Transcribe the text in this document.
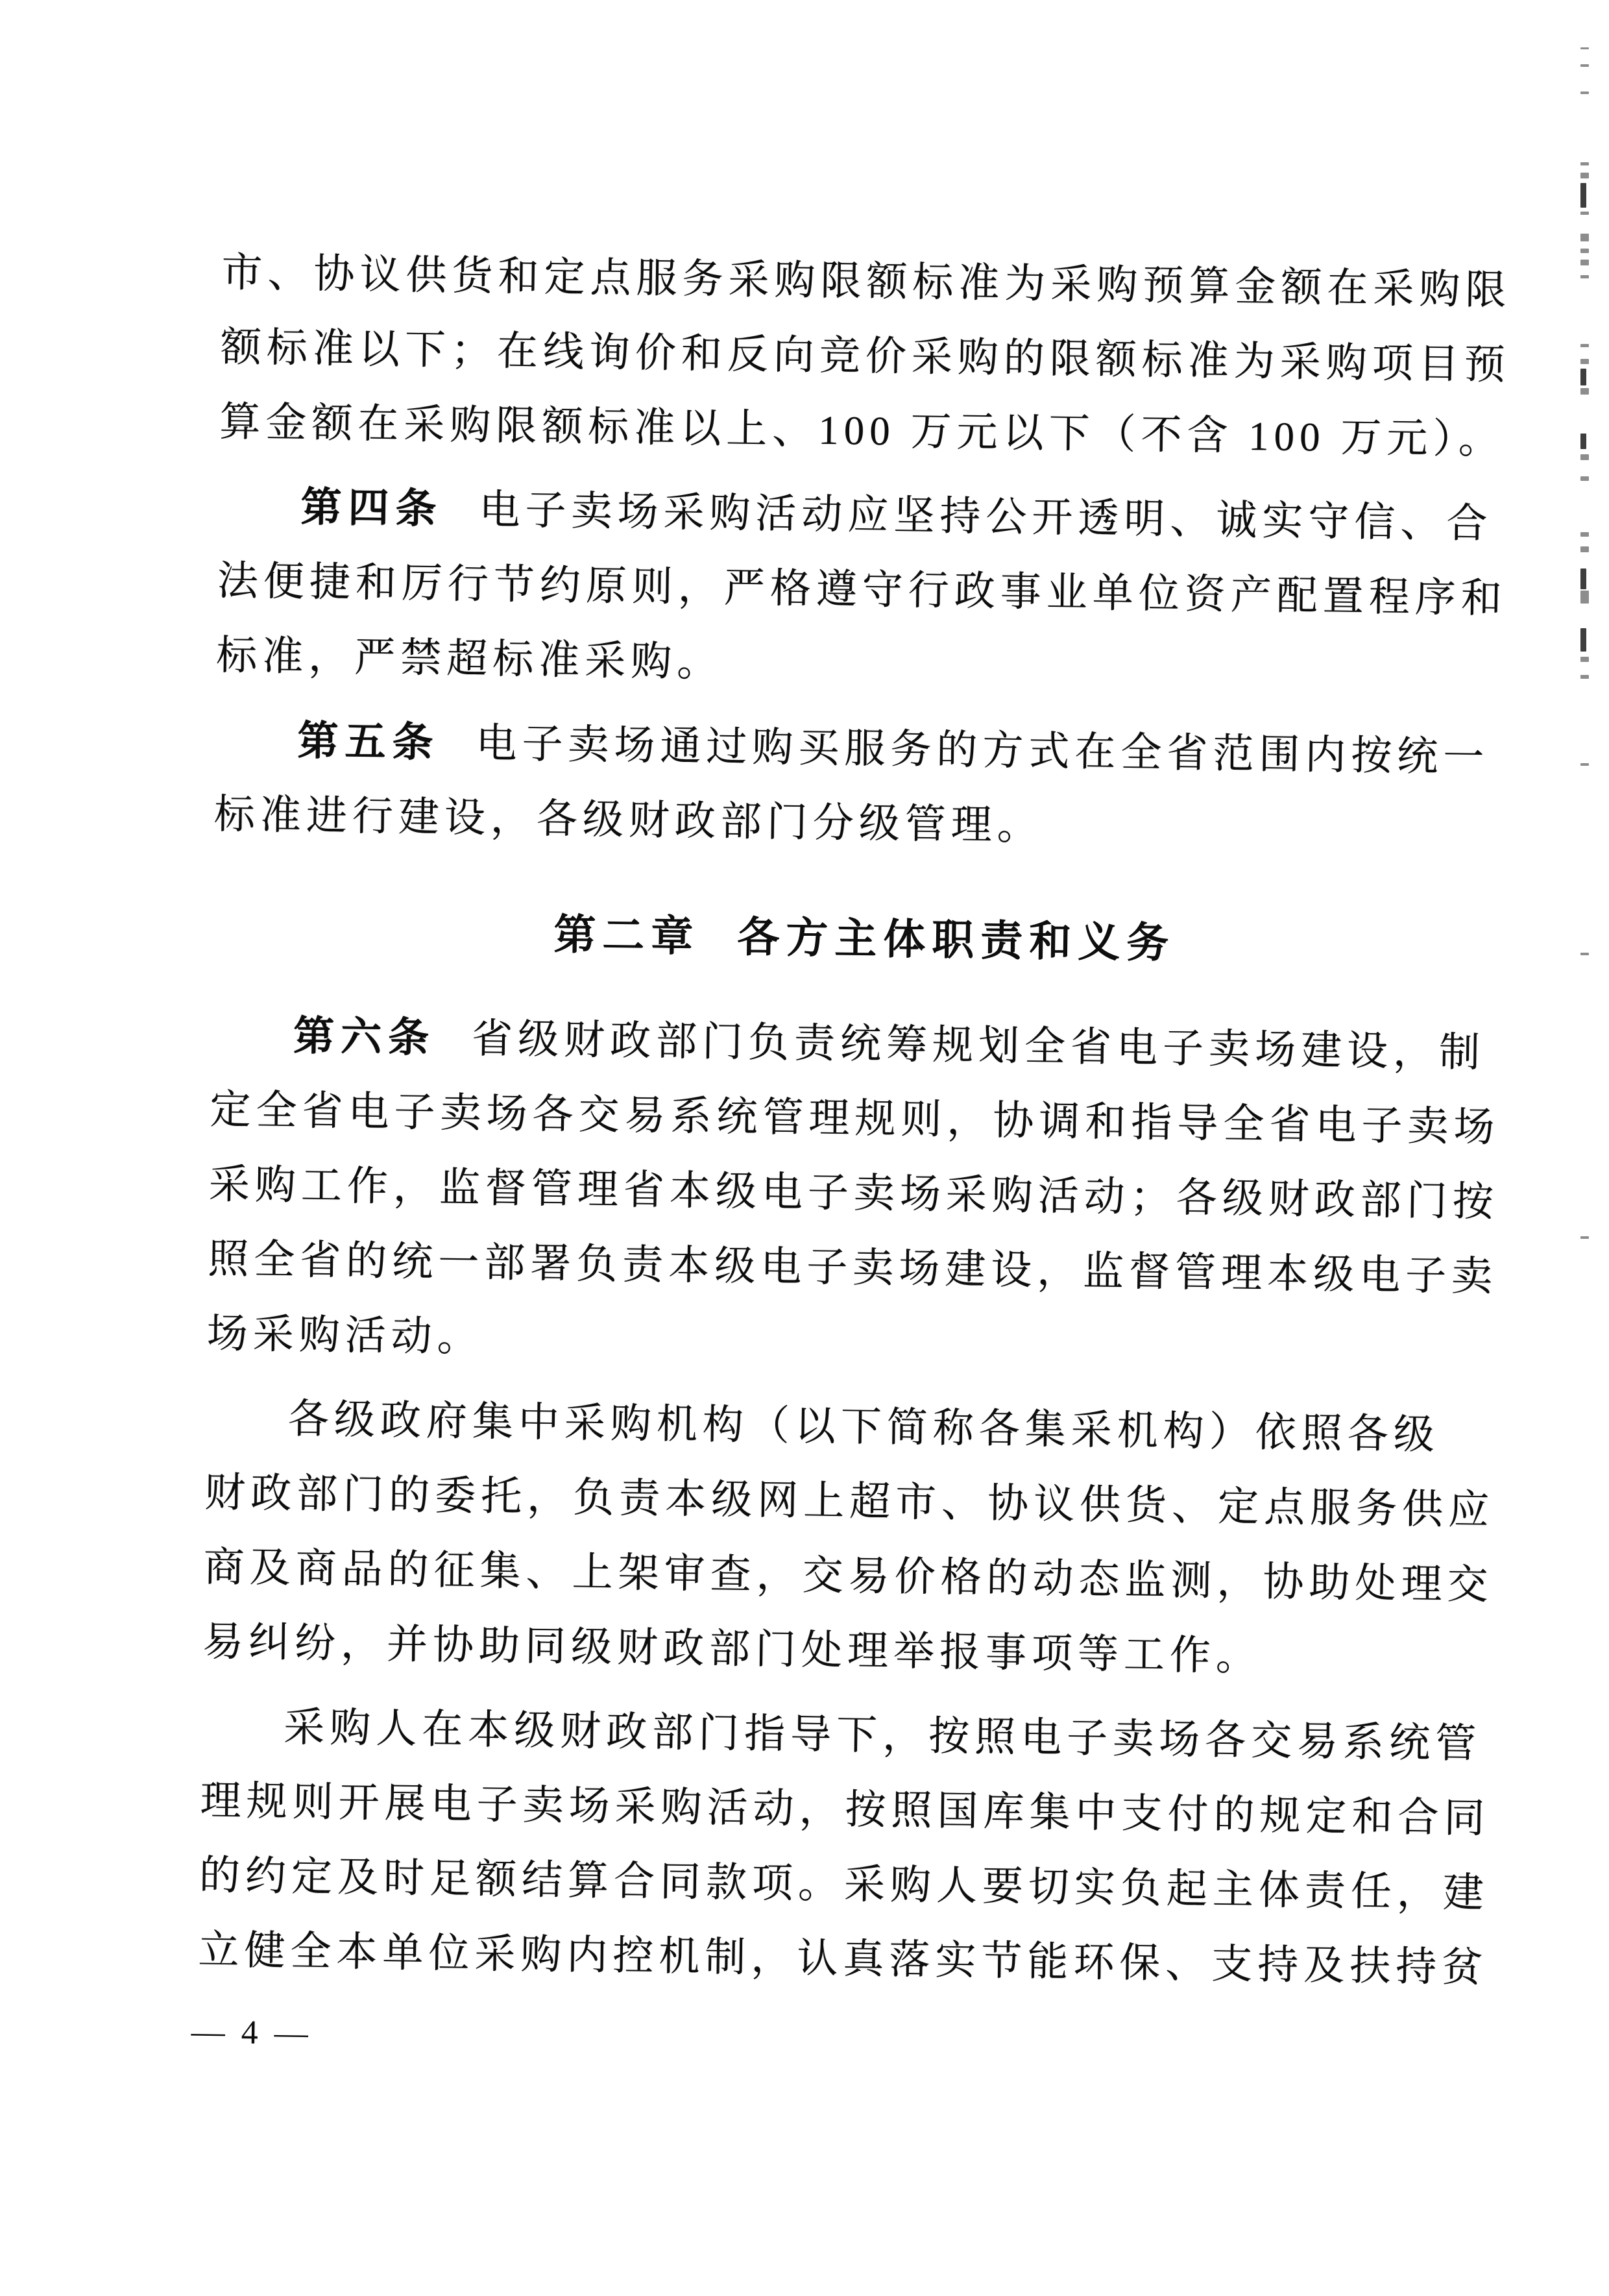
市、协议供货和定点服务采购限额标准为采购预算金额在采购限
额标准以下；在线询价和反向竞价采购的限额标准为采购项目预
算金额在采购限额标准以上、100 万元以下（不含 100 万元）。
第四条 电子卖场采购活动应坚持公开透明、诚实守信、合
法便捷和厉行节约原则，严格遵守行政事业单位资产配置程序和
标准，严禁超标准采购。
第五条 电子卖场通过购买服务的方式在全省范围内按统一
标准进行建设，各级财政部门分级管理。
第二章 各方主体职责和义务
第六条 省级财政部门负责统筹规划全省电子卖场建设，制
定全省电子卖场各交易系统管理规则，协调和指导全省电子卖场
采购工作，监督管理省本级电子卖场采购活动；各级财政部门按
照全省的统一部署负责本级电子卖场建设，监督管理本级电子卖
场采购活动。
各级政府集中采购机构（以下简称各集采机构）依照各级
财政部门的委托，负责本级网上超市、协议供货、定点服务供应
商及商品的征集、上架审查，交易价格的动态监测，协助处理交
易纠纷，并协助同级财政部门处理举报事项等工作。
采购人在本级财政部门指导下，按照电子卖场各交易系统管
理规则开展电子卖场采购活动，按照国库集中支付的规定和合同
的约定及时足额结算合同款项。采购人要切实负起主体责任，建
立健全本单位采购内控机制，认真落实节能环保、支持及扶持贫
— 4 —
